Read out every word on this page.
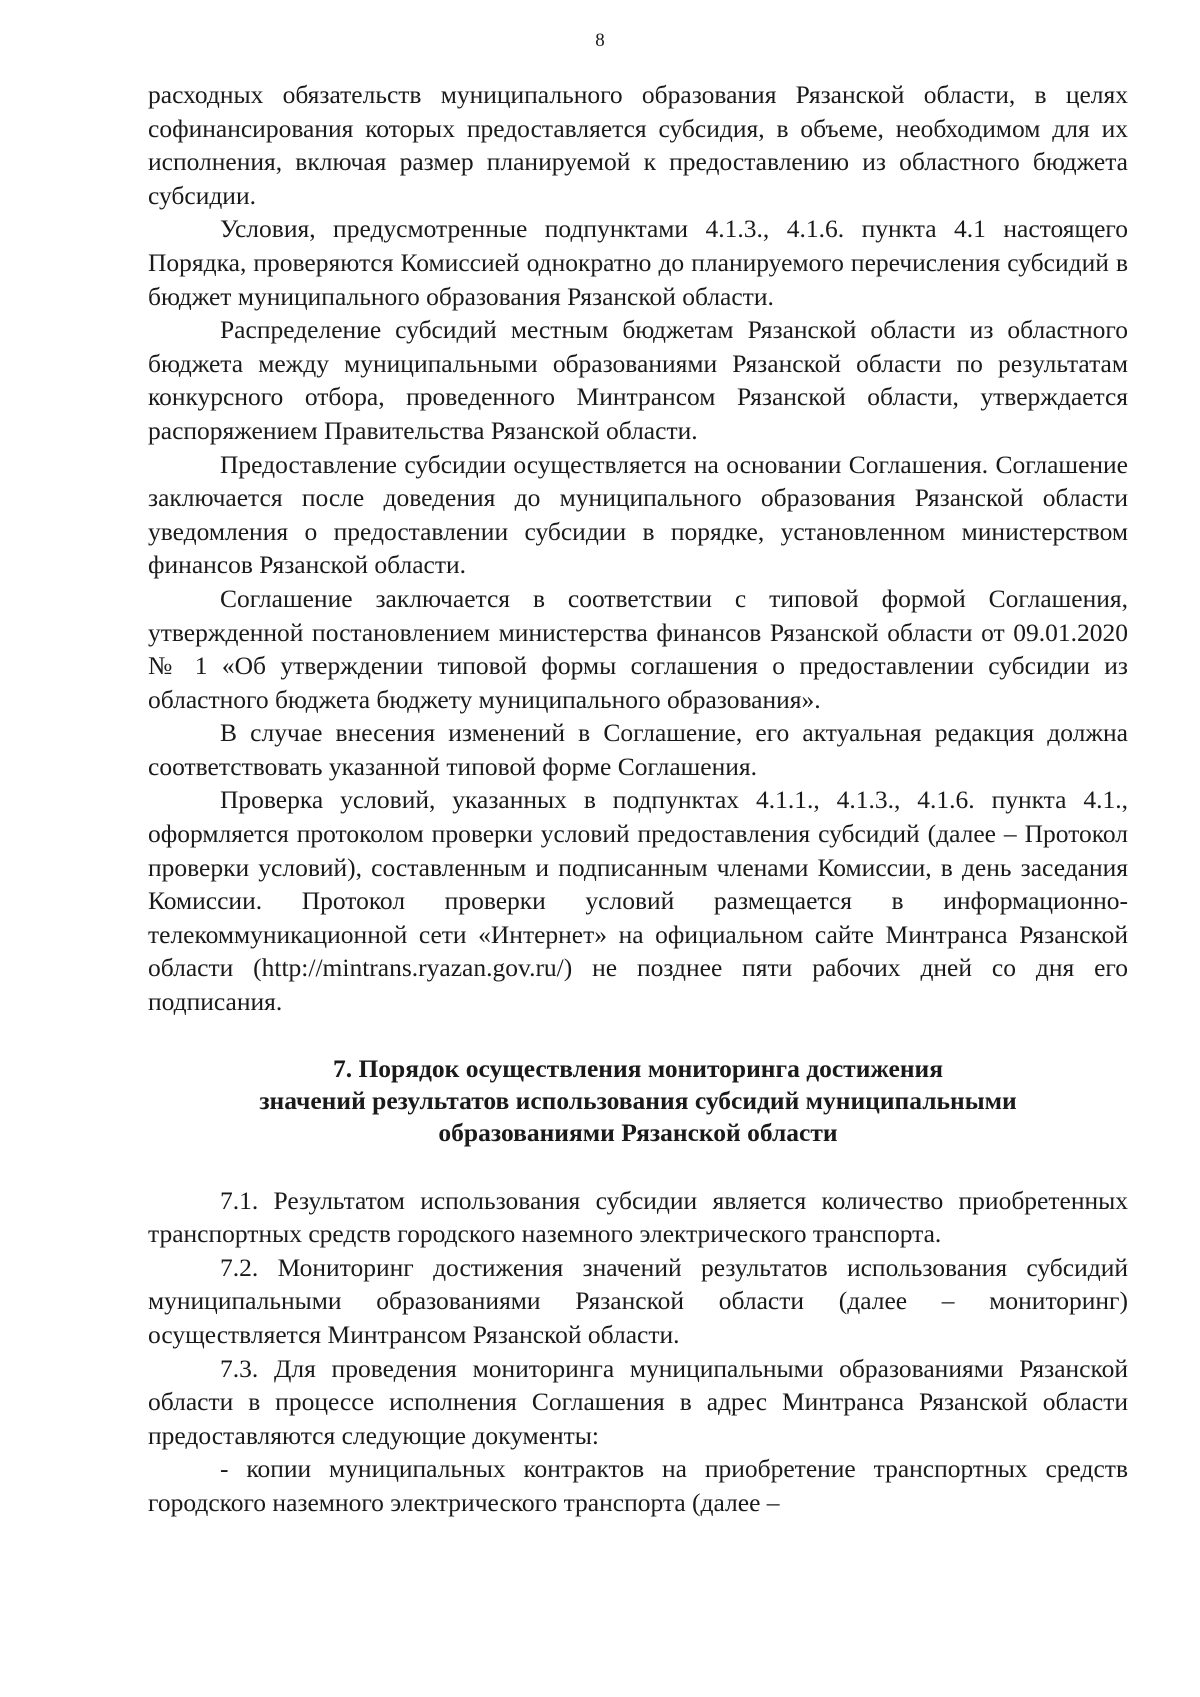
8

расходных обязательств муниципального образования Рязанской области, в целях софинансирования которых предоставляется субсидия, в объеме, необходимом для их исполнения, включая размер планируемой к предоставлению из областного бюджета субсидии.

Условия, предусмотренные подпунктами 4.1.3., 4.1.6. пункта 4.1 настоящего Порядка, проверяются Комиссией однократно до планируемого перечисления субсидий в бюджет муниципального образования Рязанской области.

Распределение субсидий местным бюджетам Рязанской области из областного бюджета между муниципальными образованиями Рязанской области по результатам конкурсного отбора, проведенного Минтрансом Рязанской области, утверждается распоряжением Правительства Рязанской области.

Предоставление субсидии осуществляется на основании Соглашения. Соглашение заключается после доведения до муниципального образования Рязанской области уведомления о предоставлении субсидии в порядке, установленном министерством финансов Рязанской области.

Соглашение заключается в соответствии с типовой формой Соглашения, утвержденной постановлением министерства финансов Рязанской области от 09.01.2020 № 1 «Об утверждении типовой формы соглашения о предоставлении субсидии из областного бюджета бюджету муниципального образования».

В случае внесения изменений в Соглашение, его актуальная редакция должна соответствовать указанной типовой форме Соглашения.

Проверка условий, указанных в подпунктах 4.1.1., 4.1.3., 4.1.6. пункта 4.1., оформляется протоколом проверки условий предоставления субсидий (далее – Протокол проверки условий), составленным и подписанным членами Комиссии, в день заседания Комиссии. Протокол проверки условий размещается в информационно-телекоммуникационной сети «Интернет» на официальном сайте Минтранса Рязанской области (http://mintrans.ryazan.gov.ru/) не позднее пяти рабочих дней со дня его подписания.

7. Порядок осуществления мониторинга достижения
значений результатов использования субсидий муниципальными
образованиями Рязанской области

7.1. Результатом использования субсидии является количество приобретенных транспортных средств городского наземного электрического транспорта.

7.2. Мониторинг достижения значений результатов использования субсидий муниципальными образованиями Рязанской области (далее – мониторинг) осуществляется Минтрансом Рязанской области.

7.3. Для проведения мониторинга муниципальными образованиями Рязанской области в процессе исполнения Соглашения в адрес Минтранса Рязанской области предоставляются следующие документы:

- копии муниципальных контрактов на приобретение транспортных средств городского наземного электрического транспорта (далее –
